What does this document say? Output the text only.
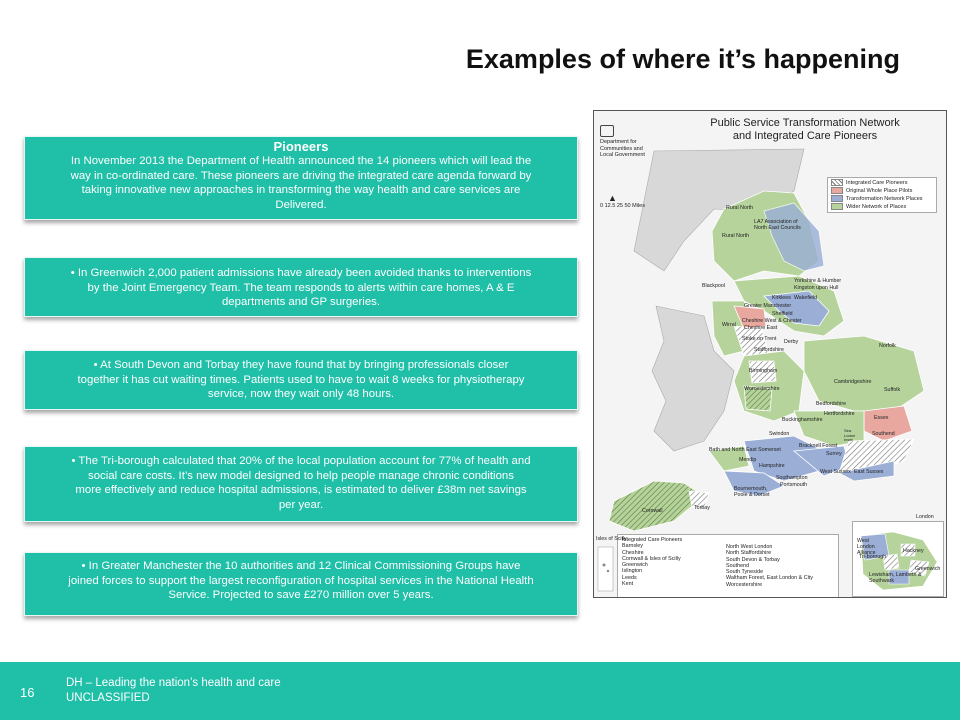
Examples of where it’s happening
Pioneers
In November 2013 the Department of Health announced the 14 pioneers which will lead the
way in co-ordinated care. These pioneers are driving the integrated care agenda forward by
taking innovative new approaches in transforming the way health and care services are
Delivered.
• In Greenwich 2,000 patient admissions have already been avoided thanks to interventions
by the Joint Emergency Team. The team responds to alerts within care homes, A & E
departments and GP surgeries.
• At South Devon and Torbay they have found that by bringing professionals closer
together it has cut waiting times. Patients used to have to wait 8 weeks for physiotherapy
service, now they wait only 48 hours.
• The Tri-borough calculated that 20% of the local population account for 77% of health and
social care costs. It’s new model designed to help people manage chronic conditions
more effectively and reduce hospital admissions, is estimated to deliver £38m net savings
per year.
• In Greater Manchester the 10 authorities and 12 Clinical Commissioning Groups have
joined forces to support the largest reconfiguration of hospital services in the National Health
Service. Projected to save £270 million over 5 years.
Department for
Communities and
Local Government
Public Service Transformation Network
and Integrated Care Pioneers
▲
0 12.5 25 50 Miles
Integrated Care Pioneers
Original Whole Place Pilots
Transformation Network Places
Wider Network of Places
Rural North
LA7 Association of North East Councils
Rural North
Yorkshire & Humber
Kingston upon Hull
Kirklees Wakefield
Blackpool
Greater Manchester
Sheffield
Cheshire West & Chester
Cheshire East
Wirral
Stoke on Trent Derby
Staffordshire
Norfolk
Birmingham
Cambridgeshire
Suffolk
Worcestershire
Bedfordshire
Hertfordshire
Essex
Buckinghamshire
Southend
Swindon
Bracknell Forest
Bath and North East Somerset
Surrey
Mendip
Hampshire
West Sussex East Sussex
Southampton
Portsmouth
Bournemouth, Poole & Dorset
Cornwall	Torbay
London
Sea Lodon Inset
Integrated Care Pioneers
Barnsley
Cheshire
Cornwall & Isles of Scilly
Greenwich
Islington
Leeds
Kent
North West London
North Staffordshire
South Devon & Torbay
Southend
South Tyneside
Waltham Forest, East London & City
Worcestershire
Isles of Scilly	West London Alliance
Tri-borough
Hackney
Greenwich
Lewisham, Lambeth & Southwark
16
DH – Leading the nation’s health and care
UNCLASSIFIED
